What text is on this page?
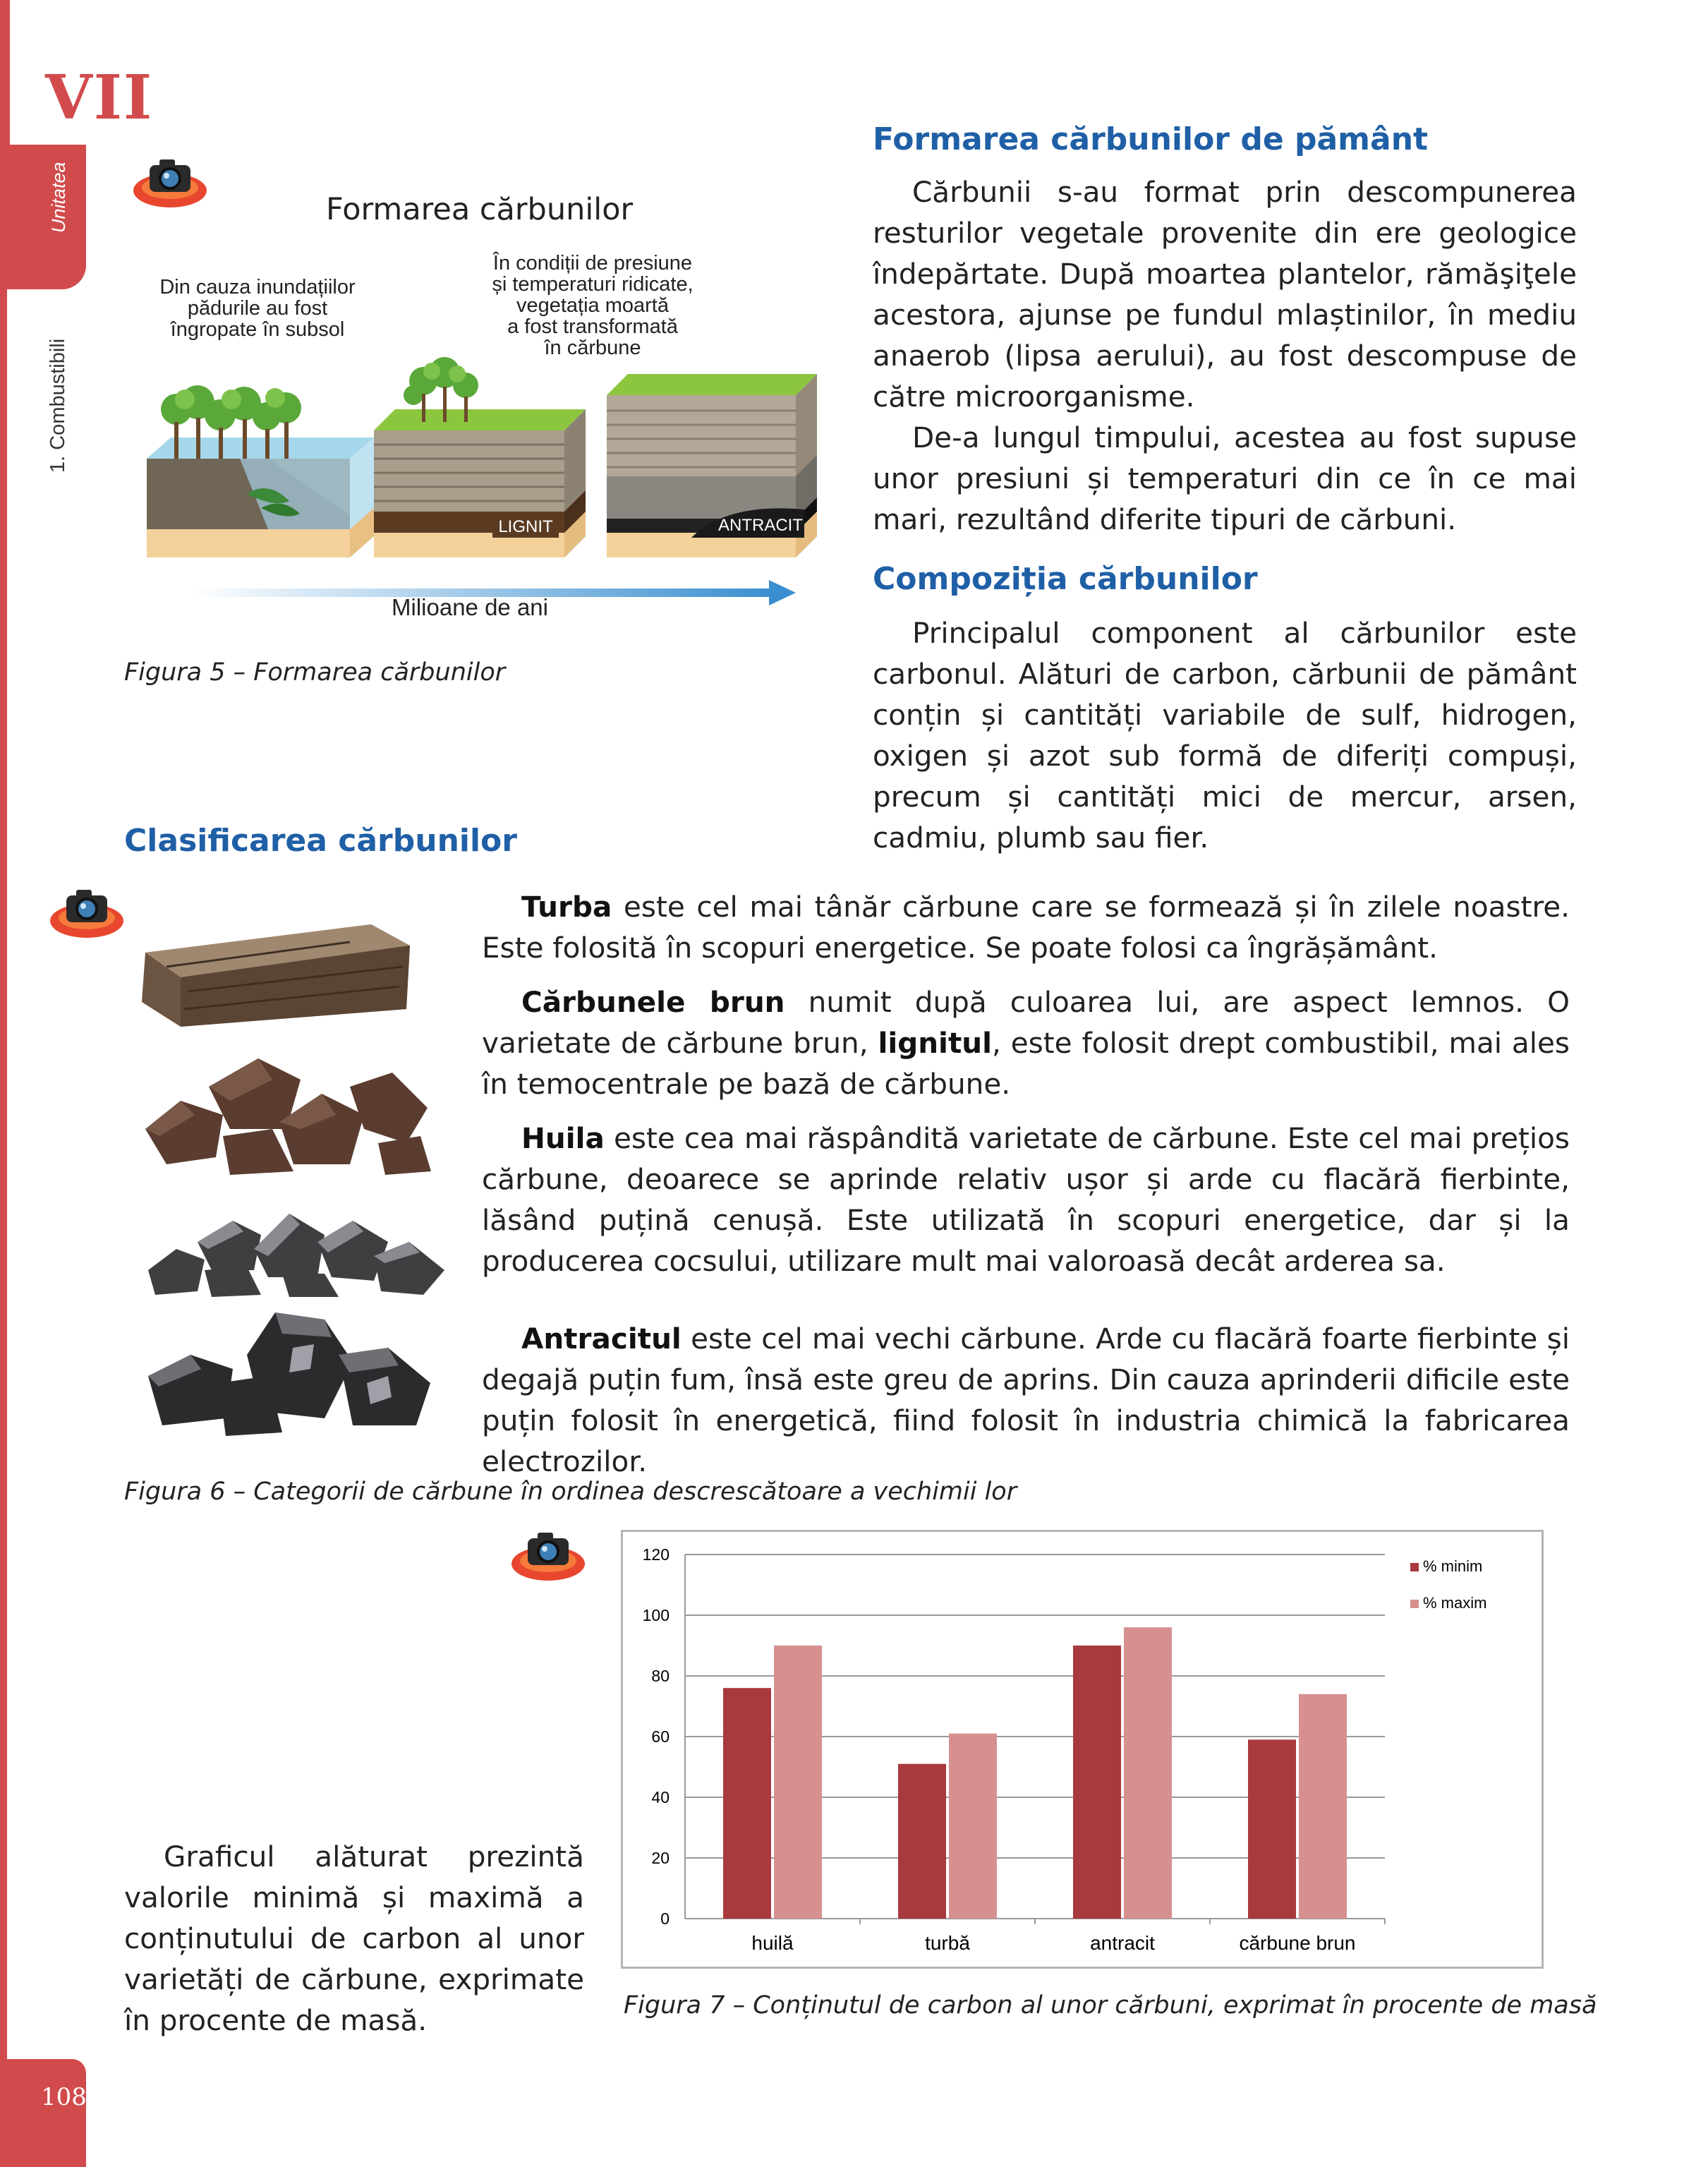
VII
Unitatea
1. Combustibili
108
Formarea cărbunilor
Din cauza inundațiilor
pădurile au fost
îngropate în subsol
În condiții de presiune
și temperaturi ridicate,
vegetația moartă
a fost transformată
în cărbune
LIGNIT	ANTRACIT
Milioane de ani
Figura 5 – Formarea cărbunilor
Formarea cărbunilor de pământ

Cărbunii s-au format prin descompunerea resturilor vegetale provenite din ere geologice îndepărtate. După moartea plantelor, rămăşiţele acestora, ajunse pe fundul mlaștinilor, în mediu anaerob (lipsa aerului), au fost descompuse de către microorganisme.

De-a lungul timpului, acestea au fost supuse unor presiuni și temperaturi din ce în ce mai mari, rezultând diferite tipuri de cărbuni.

Compoziția cărbunilor

Principalul component al cărbunilor este carbonul. Alături de carbon, cărbunii de pământ conțin și cantități variabile de sulf, hidrogen, oxigen și azot sub formă de diferiți compuși, precum și cantități mici de mercur, arsen, cadmiu, plumb sau fier.

Clasificarea cărbunilor

Turba este cel mai tânăr cărbune care se formează și în zilele noastre. Este folosită în scopuri energetice. Se poate folosi ca îngrășământ.

Cărbunele brun numit după culoarea lui, are aspect lemnos. O varietate de cărbune brun, lignitul, este folosit drept combustibil, mai ales în temocentrale pe bază de cărbune.

Huila este cea mai răspândită varietate de cărbune. Este cel mai prețios cărbune, deoarece se aprinde relativ ușor și arde cu flacără fierbinte, lăsând puțină cenușă. Este utilizată în scopuri energetice, dar și la producerea cocsului, utilizare mult mai valoroasă decât arderea sa.

Antracitul este cel mai vechi cărbune. Arde cu flacără foarte fierbinte și degajă puțin fum, însă este greu de aprins. Din cauza aprinderii dificile este puțin folosit în energetică, fiind folosit în industria chimică la fabricarea electrozilor.

Figura 6 – Categorii de cărbune în ordinea descrescătoare a vechimii lor

Graficul alăturat prezintă valorile minimă și maximă a conținutului de carbon al unor varietăți de cărbune, exprimate în procente de masă.

0
20
40
60
80
100
120
huilă	turbă	antracit	cărbune brun
% minim
% maxim
Figura 7 – Conținutul de carbon al unor cărbuni, exprimat în procente de masă
